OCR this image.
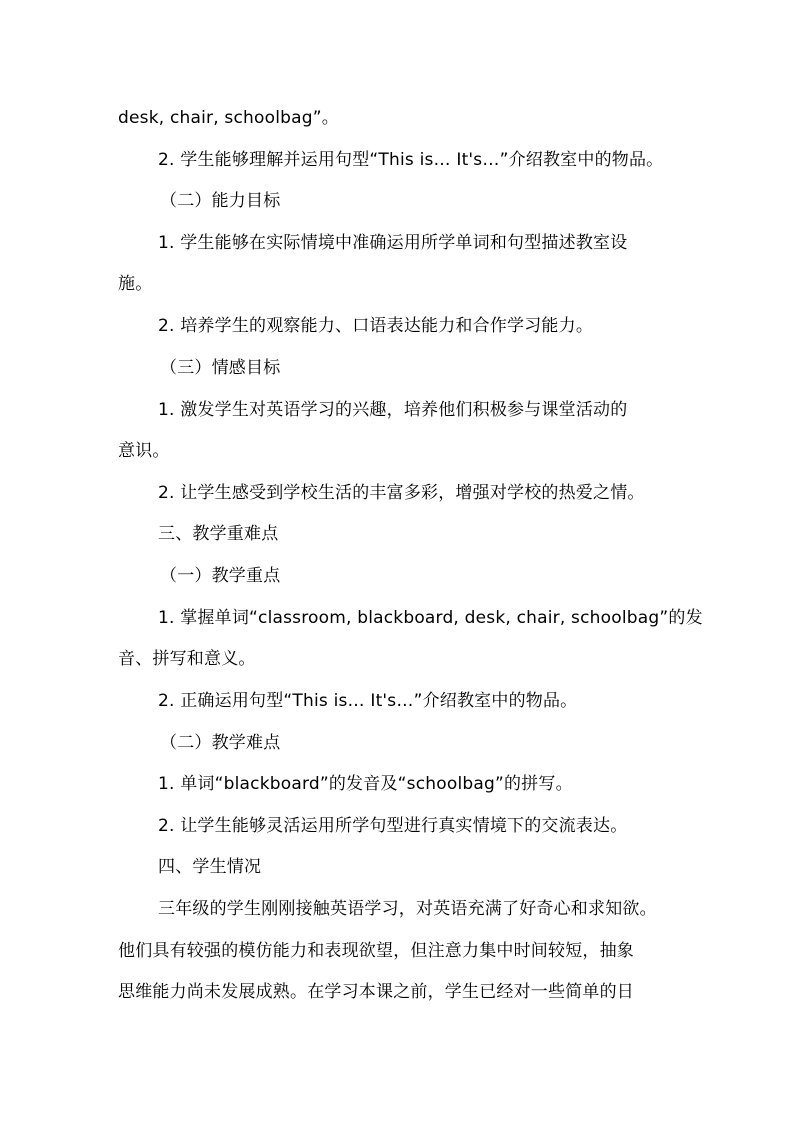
desk, chair, schoolbag”。
2. 学生能够理解并运用句型“This is… It's…”介绍教室中的物品。
（二）能力目标
1. 学生能够在实际情境中准确运用所学单词和句型描述教室设
施。
2. 培养学生的观察能力、口语表达能力和合作学习能力。
（三）情感目标
1. 激发学生对英语学习的兴趣，培养他们积极参与课堂活动的
意识。
2. 让学生感受到学校生活的丰富多彩，增强对学校的热爱之情。
三、教学重难点
（一）教学重点
1. 掌握单词“classroom, blackboard, desk, chair, schoolbag”的发
音、拼写和意义。
2. 正确运用句型“This is… It's…”介绍教室中的物品。
（二）教学难点
1. 单词“blackboard”的发音及“schoolbag”的拼写。
2. 让学生能够灵活运用所学句型进行真实情境下的交流表达。
四、学生情况
三年级的学生刚刚接触英语学习，对英语充满了好奇心和求知欲。
他们具有较强的模仿能力和表现欲望，但注意力集中时间较短，抽象
思维能力尚未发展成熟。在学习本课之前，学生已经对一些简单的日
